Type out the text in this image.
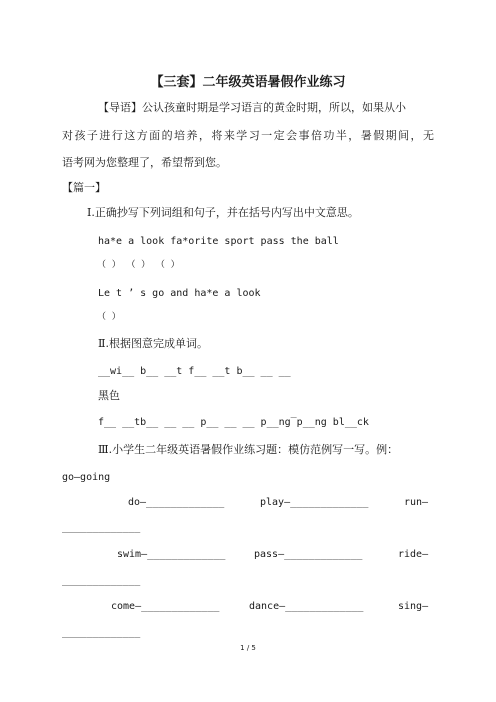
【三套】二年级英语暑假作业练习
【导语】公认孩童时期是学习语言的黄金时期，所以，如果从小
对孩子进行这方面的培养，将来学习一定会事倍功半，暑假期间，无
语考网为您整理了，希望帮到您。
【篇一】
Ⅰ.正确抄写下列词组和句子，并在括号内写出中文意思。
ha*e a look fa*orite sport pass the ball
（  ）  （  ）  （  ）
Le t ’ s go and ha*e a look
（  ）
Ⅱ.根据图意完成单词。
__wi__ b__ __t f__ __t b__ __ __
黑色
f__ __tb__ __ __ p__ __ __ p__ng‾p__ng bl__ck
Ⅲ.小学生二年级英语暑假作业练习题：模仿范例写一写。例：
go—going
do—_____________	play—_____________	run—
_____________
swim—_____________	pass—_____________	ride—
_____________
come—_____________	dance—_____________	sing—
_____________
1 / 5
